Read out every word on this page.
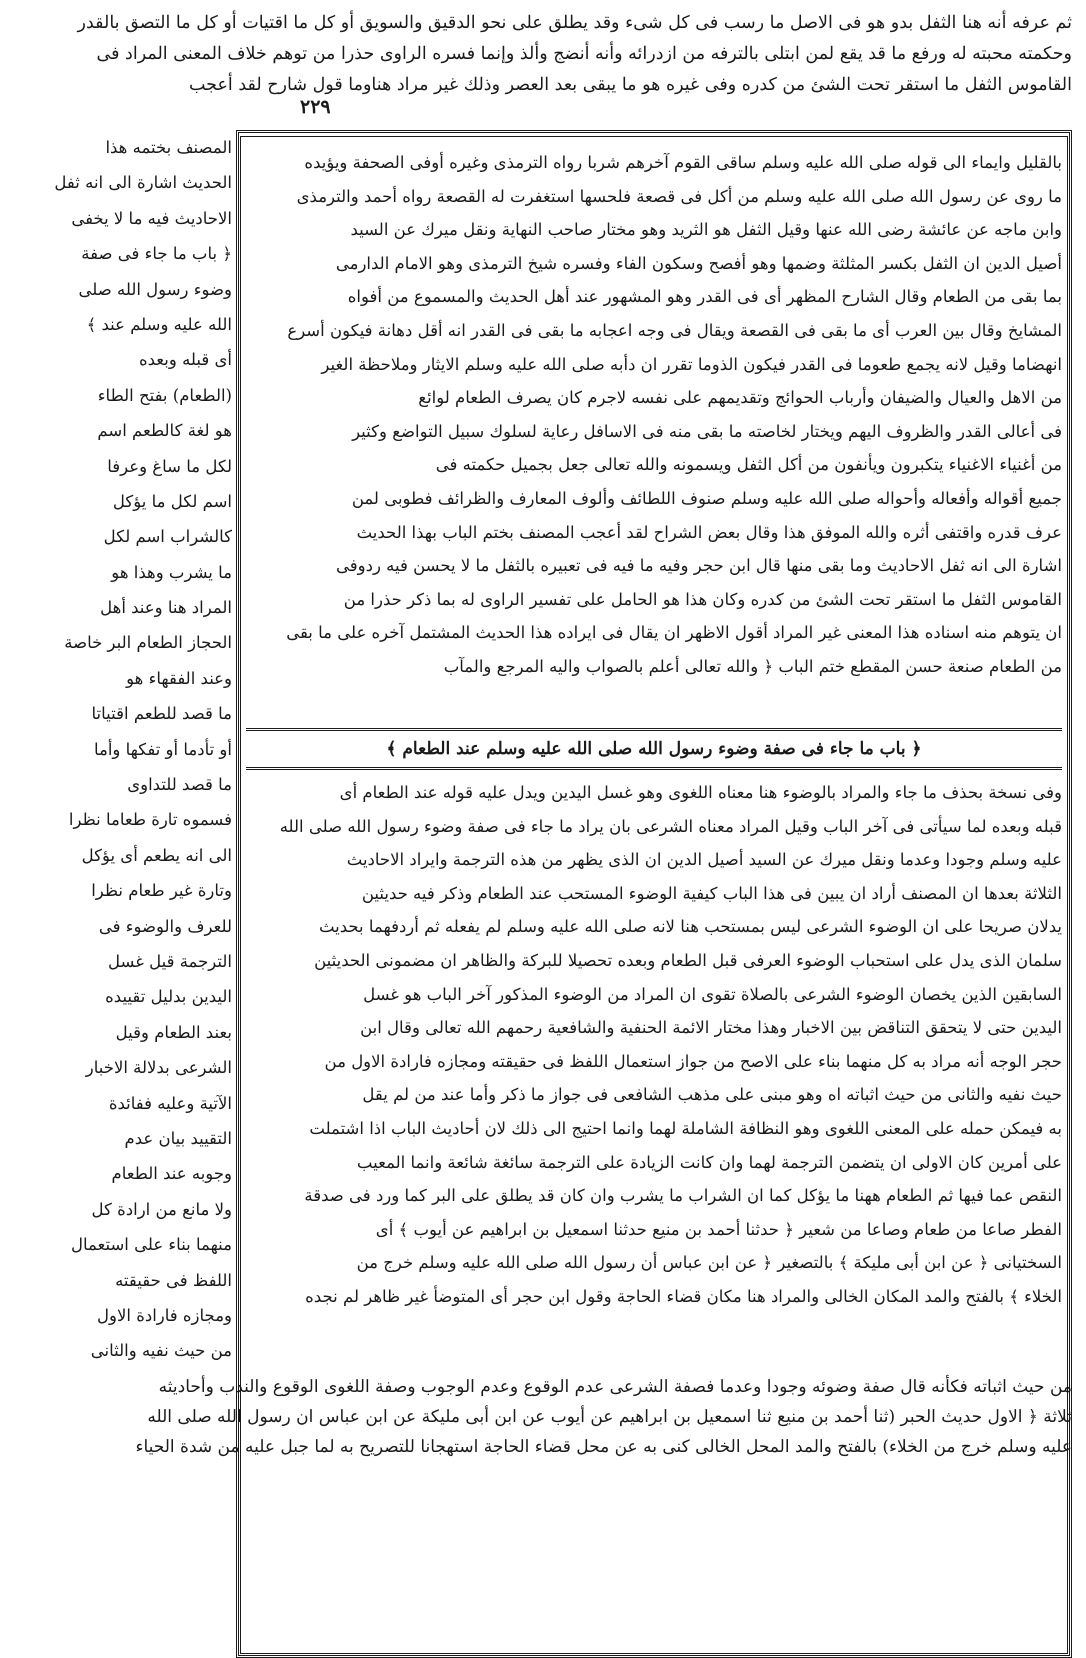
ثم عرفه أنه هنا الثفل بدو هو فى الاصل ما رسب فى كل شىء وقد يطلق على نحو الدقيق والسويق أو كل ما اقتيات أو كل ما التصق بالقدر
وحكمته محبته له ورفع ما قد يقع لمن ابتلى بالترفه من ازدرائه وأنه أنضج وألذ وإنما فسره الراوى حذرا من توهم خلاف المعنى المراد فى
القاموس الثفل ما استقر تحت الشئ من كدره وفى غيره هو ما يبقى بعد العصر وذلك غير مراد هناوما قول شارح لقد أعجب
٢٢٩
المصنف بختمه هذا
الحديث اشارة الى انه ثفل
الاحاديث فيه ما لا يخفى
﴿ باب ما جاء فى صفة
وضوء رسول الله صلى
الله عليه وسلم عند ﴾
أى قبله وبعده
(الطعام) بفتح الطاء
هو لغة كالطعم اسم
لكل ما ساغ وعرفا
اسم لكل ما يؤكل
كالشراب اسم لكل
ما يشرب وهذا هو
المراد هنا وعند أهل
الحجاز الطعام البر خاصة
وعند الفقهاء هو
ما قصد للطعم اقتياتا
أو تأدما أو تفكها وأما
ما قصد للتداوى
فسموه تارة طعاما نظرا
الى انه يطعم أى يؤكل
وتارة غير طعام نظرا
للعرف والوضوء فى
الترجمة قيل غسل
اليدين بدليل تقييده
بعند الطعام وقيل
الشرعى بدلالة الاخبار
الآتية وعليه ففائدة
التقييد بيان عدم
وجوبه عند الطعام
ولا مانع من ارادة كل
منهما بناء على استعمال
اللفظ فى حقيقته
ومجازه فارادة الاول
من حيث نفيه والثانى
بالقليل وايماء الى قوله صلى الله عليه وسلم ساقى القوم آخرهم شربا رواه الترمذى وغيره أوفى الصحفة ويؤيده
ما روى عن رسول الله صلى الله عليه وسلم من أكل فى قصعة فلحسها استغفرت له القصعة رواه أحمد والترمذى
وابن ماجه عن عائشة رضى الله عنها وقيل الثفل هو الثريد وهو مختار صاحب النهاية ونقل ميرك عن السيد
أصيل الدين ان الثفل بكسر المثلثة وضمها وهو أفصح وسكون الفاء وفسره شيخ الترمذى وهو الامام الدارمى
بما بقى من الطعام وقال الشارح المظهر أى فى القدر وهو المشهور عند أهل الحديث والمسموع من أفواه
المشايخ وقال بين العرب أى ما بقى فى القصعة ويقال فى وجه اعجابه ما بقى فى القدر انه أقل دهانة فيكون أسرع
انهضاما وقيل لانه يجمع طعوما فى القدر فيكون الذوما تقرر ان دأبه صلى الله عليه وسلم الايثار وملاحظة الغير
من الاهل والعيال والضيفان وأرباب الحوائج وتقديمهم على نفسه لاجرم كان يصرف الطعام لوائع
فى أعالى القدر والظروف اليهم ويختار لخاصته ما بقى منه فى الاسافل رعاية لسلوك سبيل التواضع وكثير
من أغنياء الاغنياء يتكبرون ويأنفون من أكل الثفل ويسمونه والله تعالى جعل بجميل حكمته فى
جميع أقواله وأفعاله وأحواله صلى الله عليه وسلم صنوف اللطائف وألوف المعارف والظرائف فطوبى لمن
عرف قدره واقتفى أثره والله الموفق هذا وقال بعض الشراح لقد أعجب المصنف بختم الباب بهذا الحديث
اشارة الى انه ثفل الاحاديث وما بقى منها قال ابن حجر وفيه ما فيه فى تعبيره بالثفل ما لا يحسن فيه ردوفى
القاموس الثفل ما استقر تحت الشئ من كدره وكان هذا هو الحامل على تفسير الراوى له بما ذكر حذرا من
ان يتوهم منه اسناده هذا المعنى غير المراد أقول الاظهر ان يقال فى ايراده هذا الحديث المشتمل آخره على ما بقى
من الطعام صنعة حسن المقطع ختم الباب ﴿ والله تعالى أعلم بالصواب واليه المرجع والمآب
﴿ باب ما جاء فى صفة وضوء رسول الله صلى الله عليه وسلم عند الطعام ﴾
وفى نسخة بحذف ما جاء والمراد بالوضوء هنا معناه اللغوى وهو غسل اليدين ويدل عليه قوله عند الطعام أى
قبله وبعده لما سيأتى فى آخر الباب وقيل المراد معناه الشرعى بان يراد ما جاء فى صفة وضوء رسول الله صلى الله
عليه وسلم وجودا وعدما ونقل ميرك عن السيد أصيل الدين ان الذى يظهر من هذه الترجمة وايراد الاحاديث
الثلاثة بعدها ان المصنف أراد ان يبين فى هذا الباب كيفية الوضوء المستحب عند الطعام وذكر فيه حديثين
يدلان صريحا على ان الوضوء الشرعى ليس بمستحب هنا لانه صلى الله عليه وسلم لم يفعله ثم أردفهما بحديث
سلمان الذى يدل على استحباب الوضوء العرفى قبل الطعام وبعده تحصيلا للبركة والظاهر ان مضمونى الحديثين
السابقين الذين يخصان الوضوء الشرعى بالصلاة تقوى ان المراد من الوضوء المذكور آخر الباب هو غسل
اليدين حتى لا يتحقق التناقض بين الاخبار وهذا مختار الائمة الحنفية والشافعية رحمهم الله تعالى وقال ابن
حجر الوجه أنه مراد به كل منهما بناء على الاصح من جواز استعمال اللفظ فى حقيقته ومجازه فارادة الاول من
حيث نفيه والثانى من حيث اثباته اه وهو مبنى على مذهب الشافعى فى جواز ما ذكر وأما عند من لم يقل
به فيمكن حمله على المعنى اللغوى وهو النظافة الشاملة لهما وانما احتيج الى ذلك لان أحاديث الباب اذا اشتملت
على أمرين كان الاولى ان يتضمن الترجمة لهما وان كانت الزيادة على الترجمة سائغة شائعة وانما المعيب
النقص عما فيها ثم الطعام ههنا ما يؤكل كما ان الشراب ما يشرب وان كان قد يطلق على البر كما ورد فى صدقة
الفطر صاعا من طعام وصاعا من شعير ﴿ حدثنا أحمد بن منيع حدثنا اسمعيل بن ابراهيم عن أيوب ﴾ أى
السختيانى ﴿ عن ابن أبى مليكة ﴾ بالتصغير ﴿ عن ابن عباس أن رسول الله صلى الله عليه وسلم خرج من
الخلاء ﴾ بالفتح والمد المكان الخالى والمراد هنا مكان قضاء الحاجة وقول ابن حجر أى المتوضأ غير ظاهر لم نجده
من حيث اثباته فكأنه قال صفة وضوئه وجودا وعدما فصفة الشرعى عدم الوقوع وعدم الوجوب وصفة اللغوى الوقوع والندب وأحاديثه
ثلاثة ﴿ الاول حديث الحبر (ثنا أحمد بن منيع ثنا اسمعيل بن ابراهيم عن أيوب عن ابن أبى مليكة عن ابن عباس ان رسول الله صلى الله
عليه وسلم خرج من الخلاء) بالفتح والمد المحل الخالى كنى به عن محل قضاء الحاجة استهجانا للتصريح به لما جبل عليه من شدة الحياء
